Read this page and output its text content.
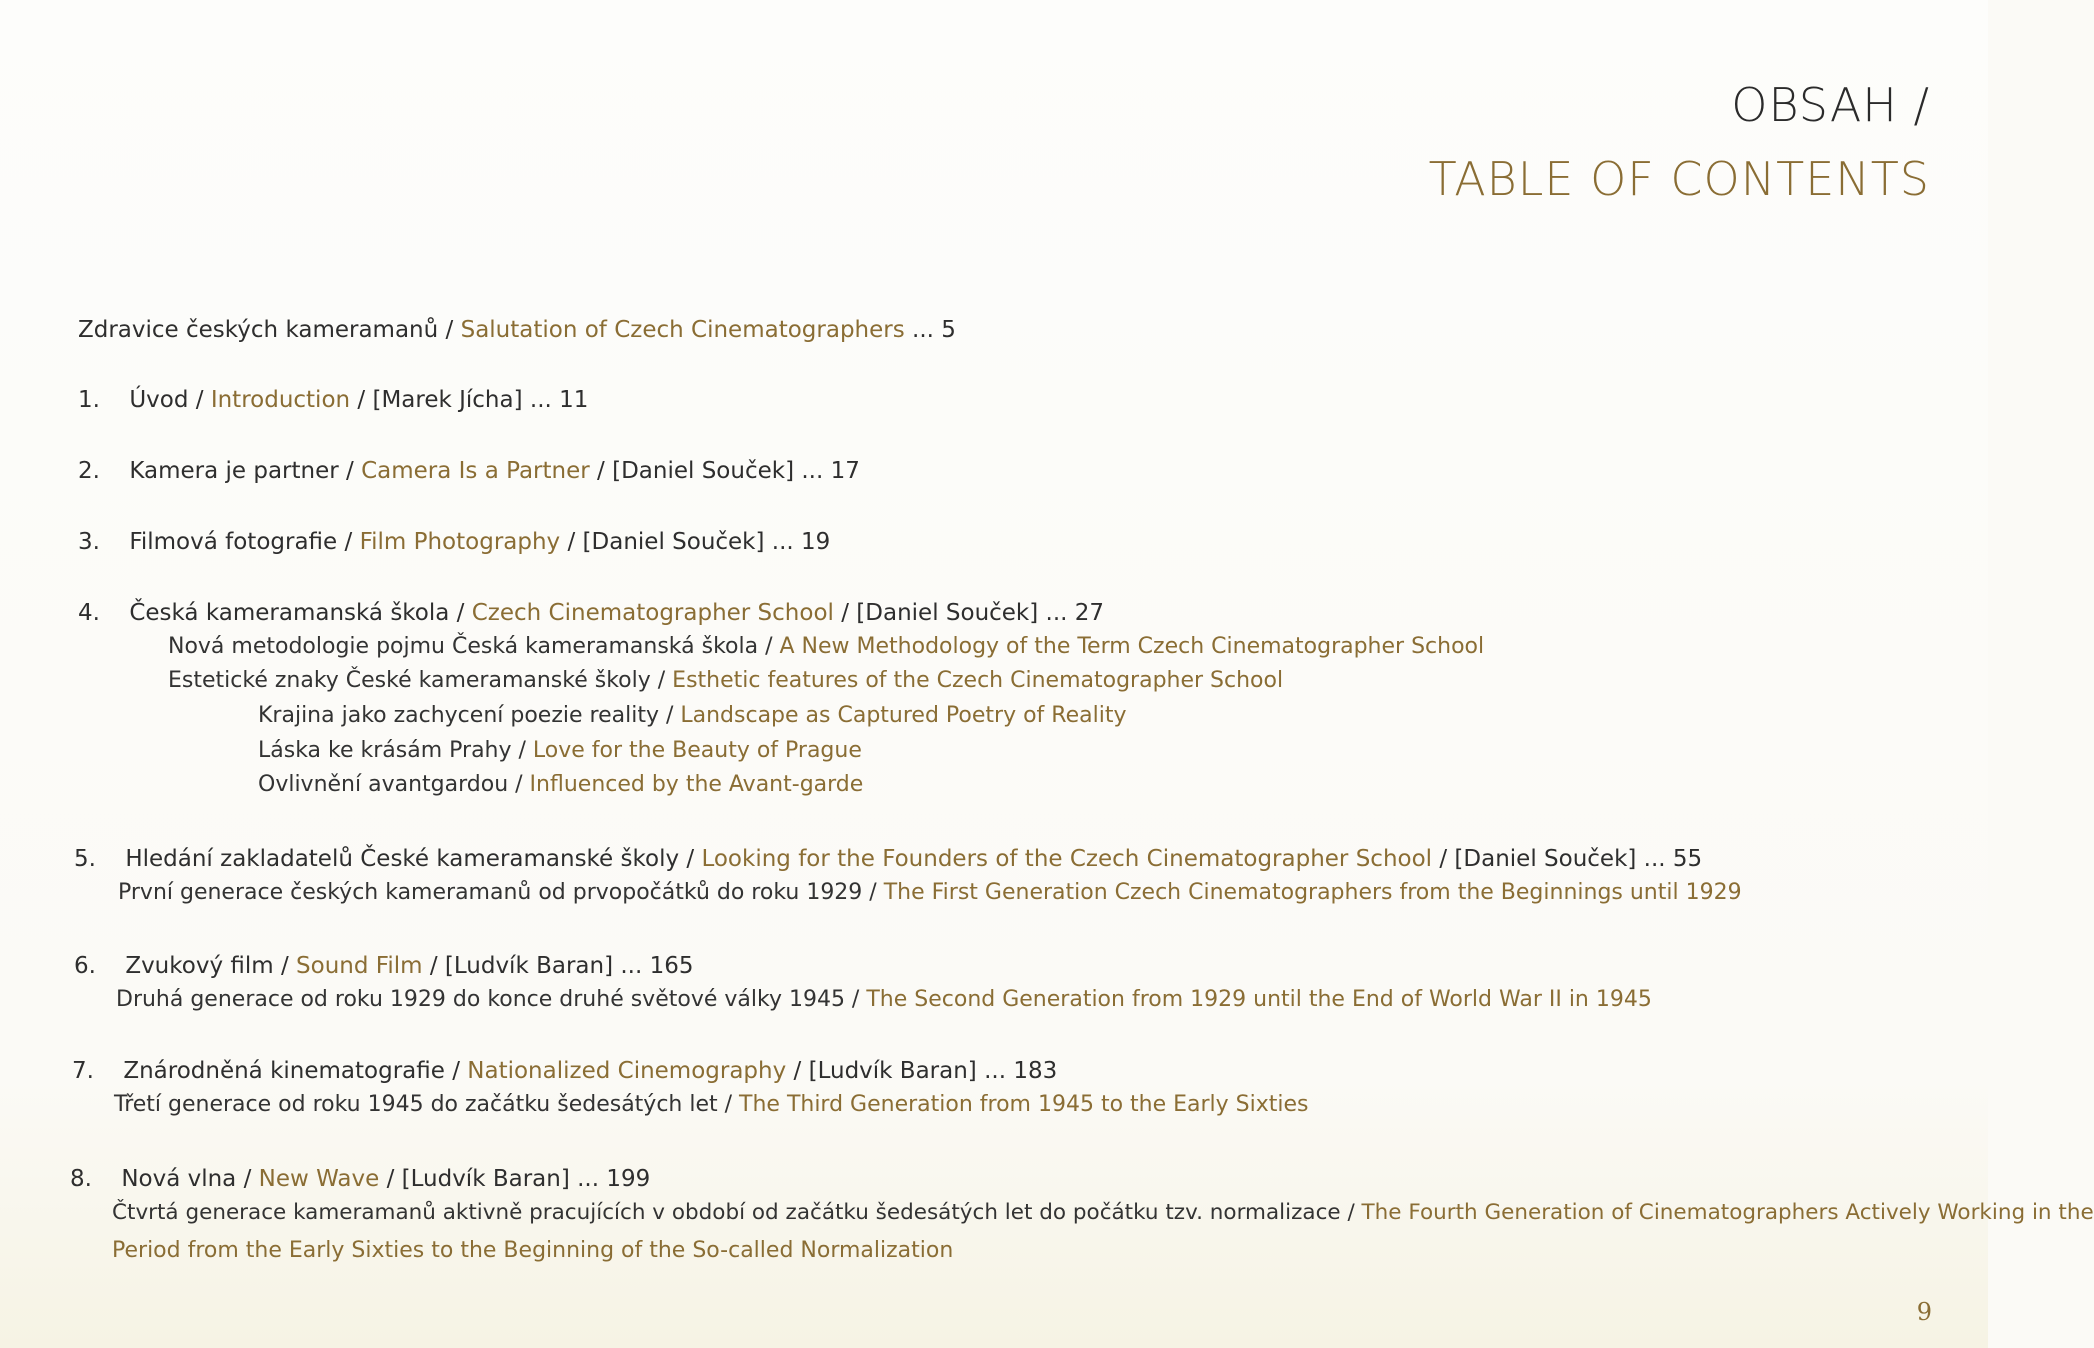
OBSAH /
TABLE OF CONTENTS
Zdravice českých kameramanů / Salutation of Czech Cinematographers ... 5
1. Úvod / Introduction / [Marek Jícha] ... 11
2. Kamera je partner / Camera Is a Partner / [Daniel Souček] ... 17
3. Filmová fotografie / Film Photography / [Daniel Souček] ... 19
4. Česká kameramanská škola / Czech Cinematographer School / [Daniel Souček] ... 27
Nová metodologie pojmu Česká kameramanská škola / A New Methodology of the Term Czech Cinematographer School
Estetické znaky České kameramanské školy / Esthetic features of the Czech Cinematographer School
Krajina jako zachycení poezie reality / Landscape as Captured Poetry of Reality
Láska ke krásám Prahy / Love for the Beauty of Prague
Ovlivnění avantgardou / Influenced by the Avant-garde
5. Hledání zakladatelů České kameramanské školy / Looking for the Founders of the Czech Cinematographer School / [Daniel Souček] ... 55
První generace českých kameramanů od prvopočátků do roku 1929 / The First Generation Czech Cinematographers from the Beginnings until 1929
6. Zvukový film / Sound Film / [Ludvík Baran] ... 165
Druhá generace od roku 1929 do konce druhé světové války 1945 / The Second Generation from 1929 until the End of World War II in 1945
7. Znárodněná kinematografie / Nationalized Cinemography / [Ludvík Baran] ... 183
Třetí generace od roku 1945 do začátku šedesátých let / The Third Generation from 1945 to the Early Sixties
8. Nová vlna / New Wave / [Ludvík Baran] ... 199
Čtvrtá generace kameramanů aktivně pracujících v období od začátku šedesátých let do počátku tzv. normalizace / The Fourth Generation of Cinematographers Actively Working in the
Period from the Early Sixties to the Beginning of the So-called Normalization
9
